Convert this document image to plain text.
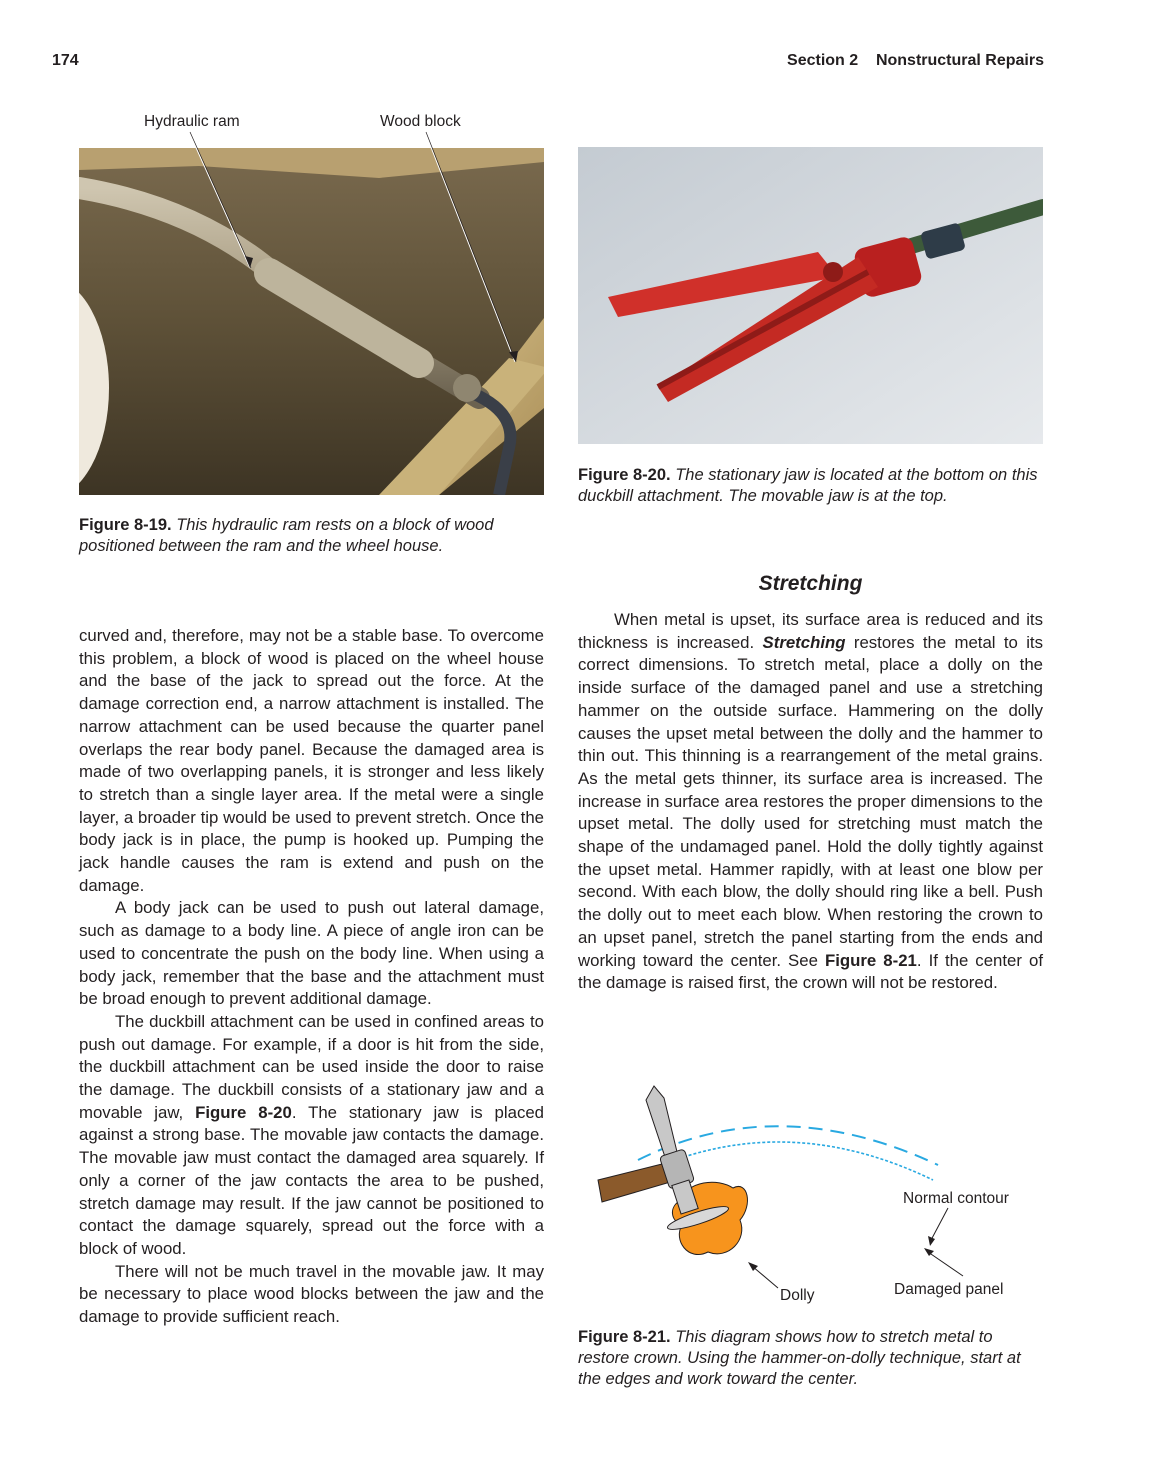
174	Section 2 Nonstructural Repairs
Hydraulic ram	Wood block
Figure 8-19. This hydraulic ram rests on a block of wood positioned between the ram and the wheel house.
Figure 8-20. The stationary jaw is located at the bottom on this duckbill attachment. The movable jaw is at the top.

curved and, therefore, may not be a stable base. To overcome this problem, a block of wood is placed on the wheel house and the base of the jack to spread out the force. At the damage correction end, a narrow attachment is installed. The narrow attachment can be used because the quarter panel overlaps the rear body panel. Because the damaged area is made of two overlapping panels, it is stronger and less likely to stretch than a single layer area. If the metal were a single layer, a broader tip would be used to prevent stretch. Once the body jack is in place, the pump is hooked up. Pumping the jack handle causes the ram is extend and push on the damage.

A body jack can be used to push out lateral damage, such as damage to a body line. A piece of angle iron can be used to concentrate the push on the body line. When using a body jack, remember that the base and the attachment must be broad enough to prevent additional damage.

The duckbill attachment can be used in confined areas to push out damage. For example, if a door is hit from the side, the duckbill attachment can be used inside the door to raise the damage. The duckbill consists of a stationary jaw and a movable jaw, Figure 8-20. The stationary jaw is placed against a strong base. The movable jaw contacts the damage. The movable jaw must contact the damaged area squarely. If only a corner of the jaw contacts the area to be pushed, stretch damage may result. If the jaw cannot be positioned to contact the damage squarely, spread out the force with a block of wood.

There will not be much travel in the movable jaw. It may be necessary to place wood blocks between the jaw and the damage to provide sufficient reach.

Stretching

When metal is upset, its surface area is reduced and its thickness is increased. Stretching restores the metal to its correct dimensions. To stretch metal, place a dolly on the inside surface of the damaged panel and use a stretching hammer on the outside surface. Hammering on the dolly causes the upset metal between the dolly and the hammer to thin out. This thinning is a rearrangement of the metal grains. As the metal gets thinner, its surface area is increased. The increase in surface area restores the proper dimensions to the upset metal. The dolly used for stretching must match the shape of the undamaged panel. Hold the dolly tightly against the upset metal. Hammer rapidly, with at least one blow per second. With each blow, the dolly should ring like a bell. Push the dolly out to meet each blow. When restoring the crown to an upset panel, stretch the panel starting from the ends and working toward the center. See Figure 8-21. If the center of the damage is raised first, the crown will not be restored.

Normal contour
Damaged panel
Dolly
Figure 8-21. This diagram shows how to stretch metal to restore crown. Using the hammer-on-dolly technique, start at the edges and work toward the center.
